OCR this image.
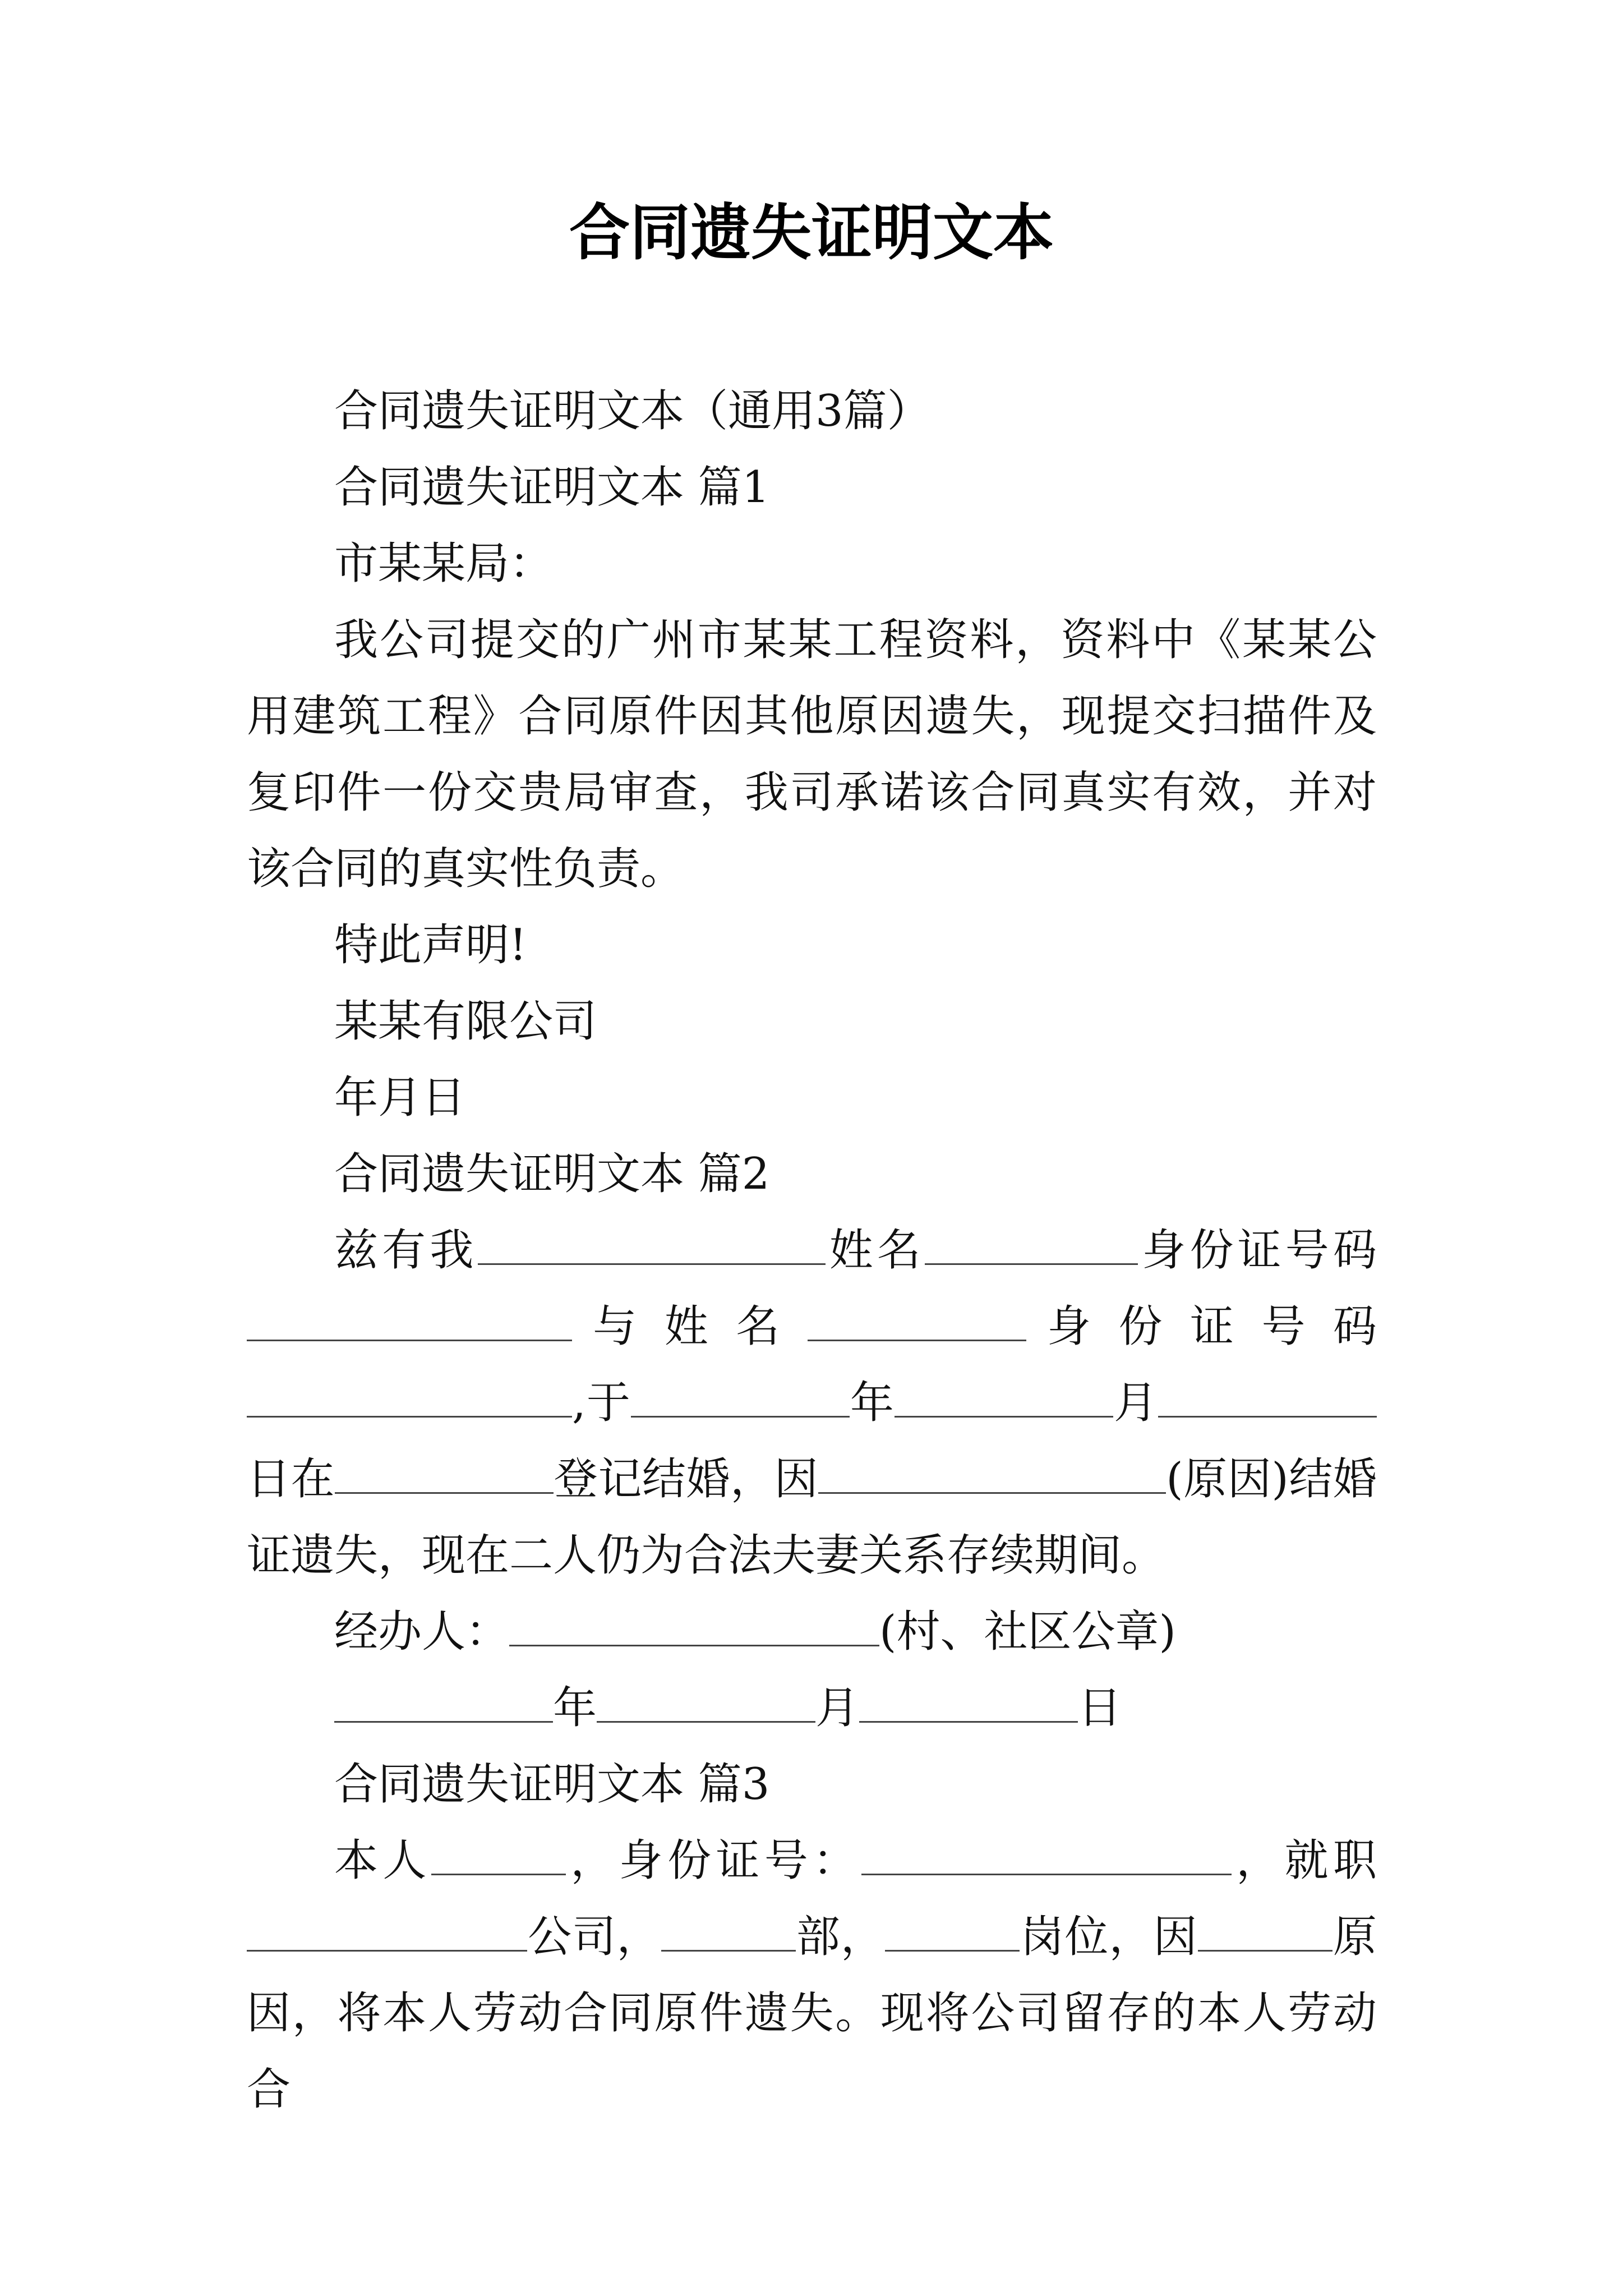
合同遗失证明文本

合同遗失证明文本（通用3篇）

合同遗失证明文本 篇1

市某某局：

我公司提交的广州市某某工程资料，资料中《某某公用建筑工程》合同原件因其他原因遗失，现提交扫描件及复印件一份交贵局审查，我司承诺该合同真实有效，并对该合同的真实性负责。

特此声明!

某某有限公司

年月日

合同遗失证明文本 篇2

兹有我	姓名	身份证号码

与 姓 名	身 份 证 号 码

,于	年	月

日在	登记结婚，因	(原因)结婚证遗失，现在二人仍为合法夫妻关系存续期间。

经办人：	(村、社区公章)

年	月	日

合同遗失证明文本 篇3

本人	，身份证号：	，就职

公司，	部，	岗位，因	原因，将本人劳动合同原件遗失。现将公司留存的本人劳动合
